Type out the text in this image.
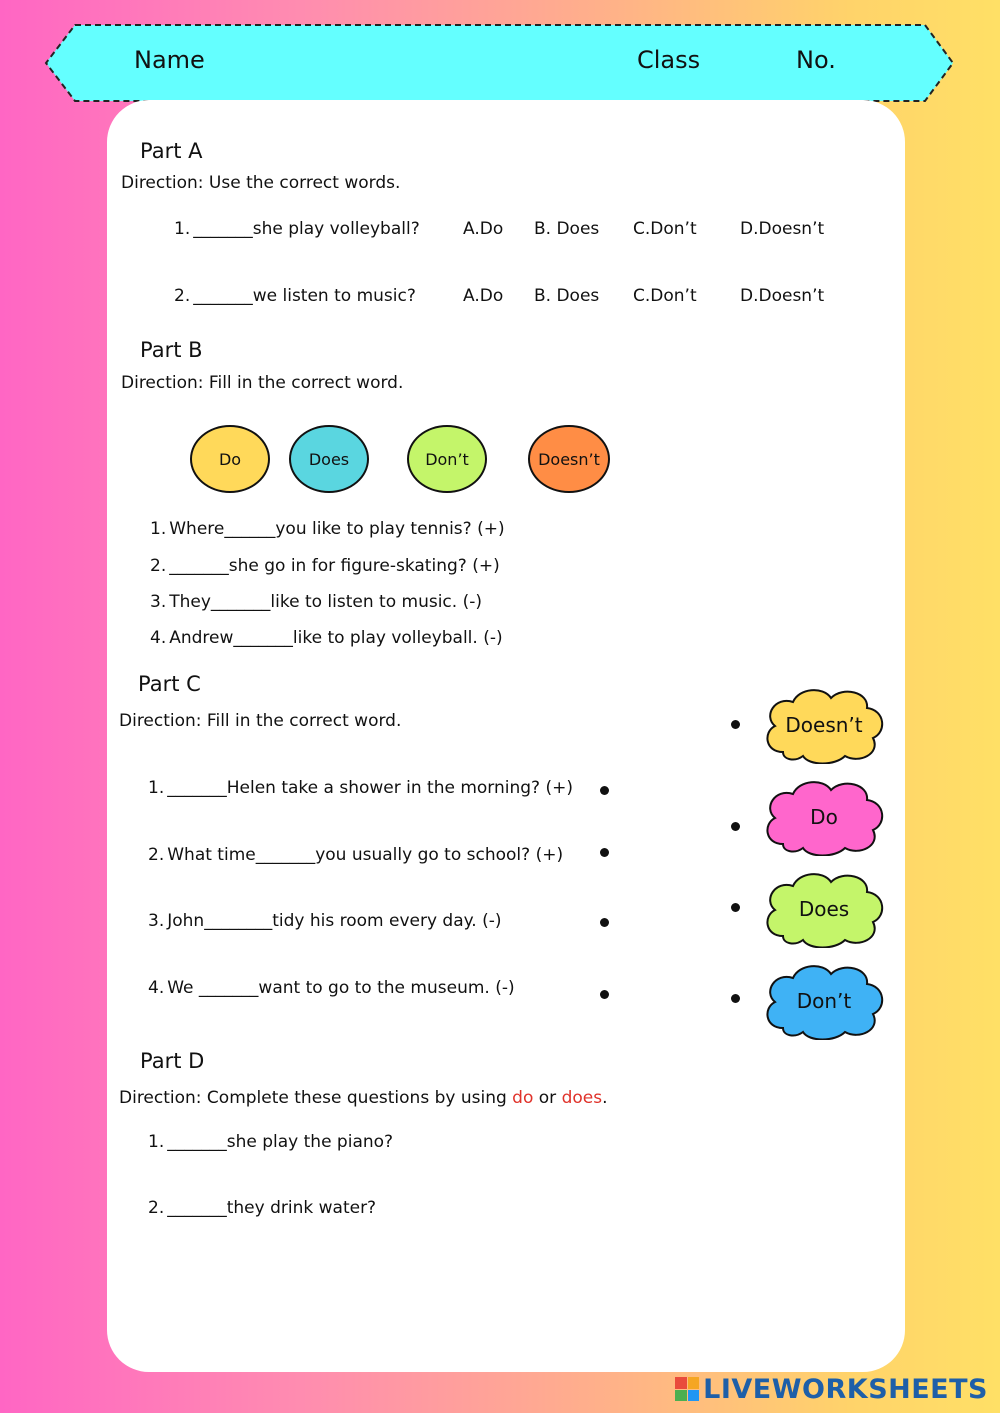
Name	Class	No.
Part A
Direction: Use the correct words.
1. _______she play volleyball?	A.Do B. Does C.Don’t	D.Doesn’t
2. _______we listen to music?	A.Do B. Does C.Don’t	D.Doesn’t
Part B
Direction: Fill in the correct word.
Do	Does	Don’t	Doesn’t
1. Where______you like to play tennis? (+)
2. _______she go in for figure-skating? (+)
3. They_______like to listen to music. (-)
4. Andrew_______like to play volleyball. (-)
Part C
Direction: Fill in the correct word.
1. _______Helen take a shower in the morning? (+)
2. What time_______you usually go to school? (+)
3. John________tidy his room every day. (-)
4. We _______want to go to the museum. (-)
Doesn’t
Do
Does
Don’t
Part D
Direction: Complete these questions by using do or does.
1. _______she play the piano?
2. _______they drink water?
LIVEWORKSHEETS
